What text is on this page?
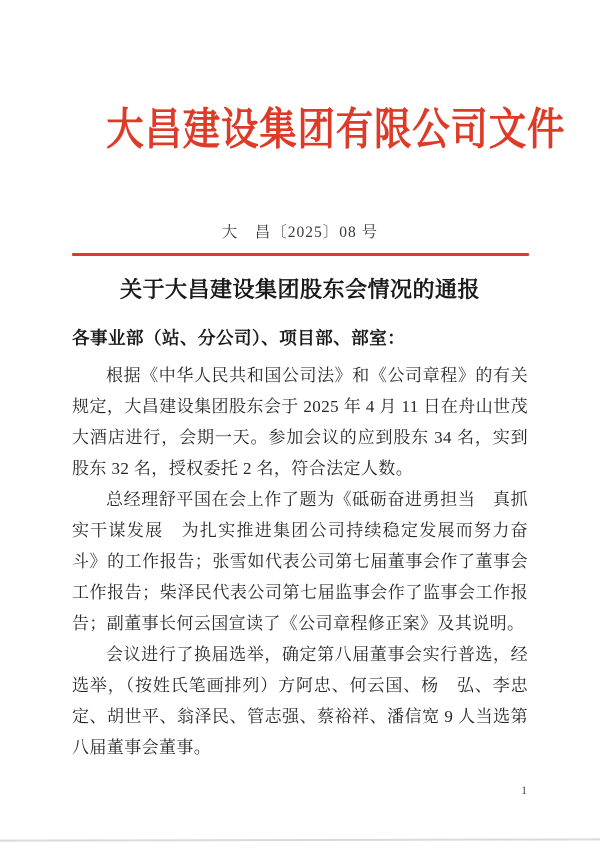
大昌建设集团有限公司文件
大　昌〔2025〕08 号
关于大昌建设集团股东会情况的通报
各事业部（站、分公司）、项目部、部室：

根据《中华人民共和国公司法》和《公司章程》的有关规定，大昌建设集团股东会于 2025 年 4 月 11 日在舟山世茂大酒店进行，会期一天。参加会议的应到股东 34 名，实到股东 32 名，授权委托 2 名，符合法定人数。

总经理舒平国在会上作了题为《砥砺奋进勇担当　真抓实干谋发展　为扎实推进集团公司持续稳定发展而努力奋斗》的工作报告；张雪如代表公司第七届董事会作了董事会工作报告；柴泽民代表公司第七届监事会作了监事会工作报告；副董事长何云国宣读了《公司章程修正案》及其说明。

会议进行了换届选举，确定第八届董事会实行普选，经选举，（按姓氏笔画排列）方阿忠、何云国、杨　弘、李忠定、胡世平、翁泽民、管志强、蔡裕祥、潘信宽 9 人当选第八届董事会董事。

1
